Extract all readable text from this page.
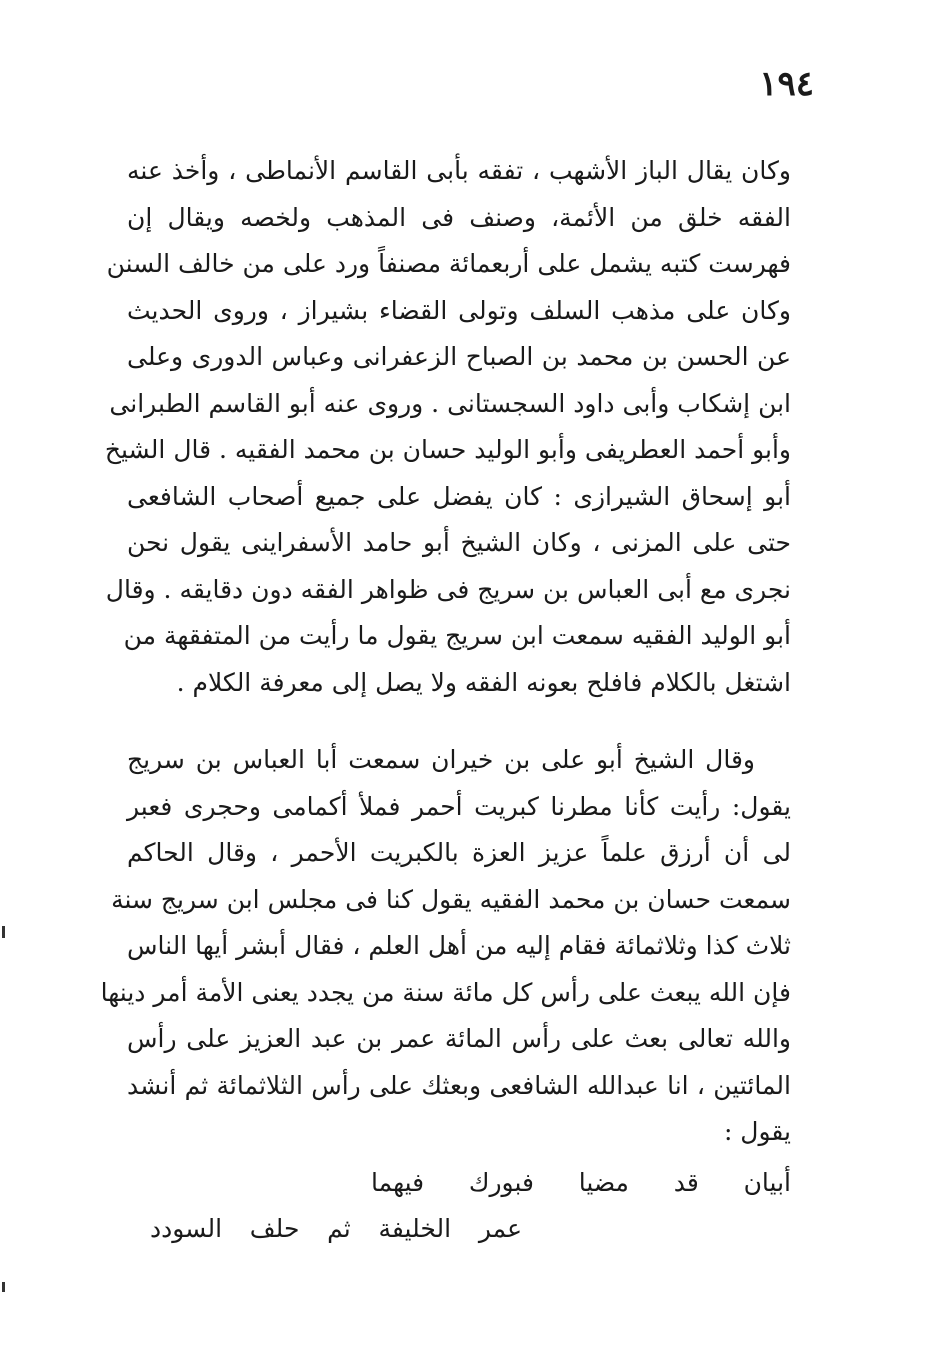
١٩٤
وكان يقال الباز الأشهب ، تفقه بأبى القاسم الأنماطى ، وأخذ عنه
الفقه خلق من الأئمة، وصنف فى المذهب ولخصه ويقال إن
فهرست كتبه يشمل على أربعمائة مصنفاً ورد على من خالف السنن
وكان على مذهب السلف وتولى القضاء بشيراز ، وروى الحديث
عن الحسن بن محمد بن الصباح الزعفرانى وعباس الدورى وعلى
ابن إشكاب وأبى داود السجستانى . وروى عنه أبو القاسم الطبرانى
وأبو أحمد العطريفى وأبو الوليد حسان بن محمد الفقيه . قال الشيخ
أبو إسحاق الشيرازى : كان يفضل على جميع أصحاب الشافعى
حتى على المزنى ، وكان الشيخ أبو حامد الأسفراينى يقول نحن
نجرى مع أبى العباس بن سريج فى ظواهر الفقه دون دقايقه . وقال
أبو الوليد الفقيه سمعت ابن سريج يقول ما رأيت من المتفقهة من
اشتغل بالكلام فافلح بعونه الفقه ولا يصل إلى معرفة الكلام .
وقال الشيخ أبو على بن خيران سمعت أبا العباس بن سريج
يقول: رأيت كأنا مطرنا كبريت أحمر فملأ أكمامى وحجرى فعبر
لى أن أرزق علماً عزيز العزة بالكبريت الأحمر ، وقال الحاكم
سمعت حسان بن محمد الفقيه يقول كنا فى مجلس ابن سريج سنة
ثلاث كذا وثلاثمائة فقام إليه من أهل العلم ، فقال أبشر أيها الناس
فإن الله يبعث على رأس كل مائة سنة من يجدد يعنى الأمة أمر دينها
والله تعالى بعث على رأس المائة عمر بن عبد العزيز على رأس
المائتين ، انا عبدالله الشافعى وبعثك على رأس الثلاثمائة ثم أنشد
يقول :
أبيان قد مضيا فبورك فيهما
عمر الخليفة ثم حلف السودد
